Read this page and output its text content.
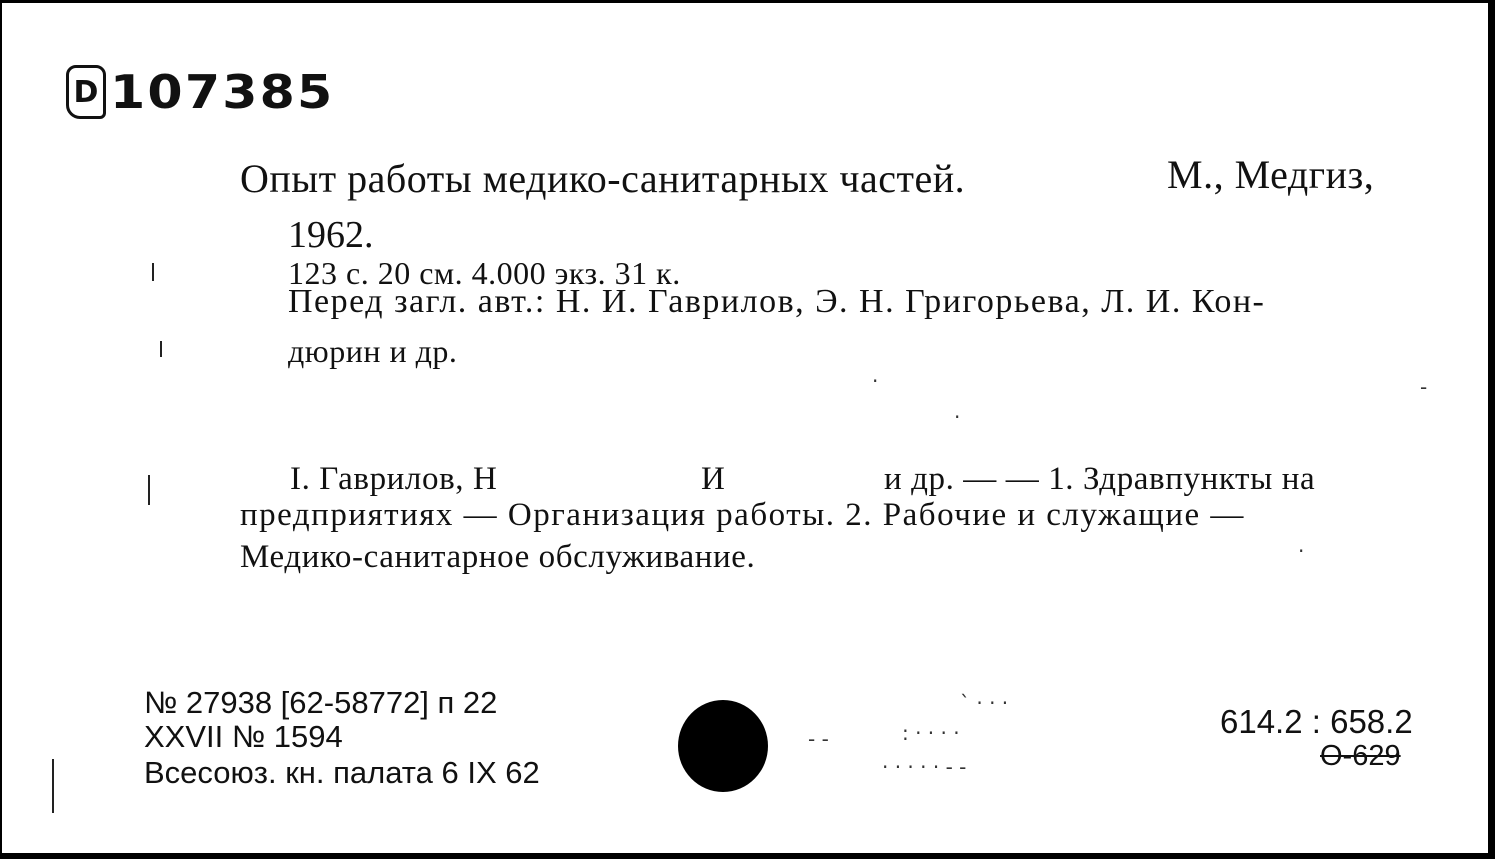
D 107385
Опыт работы медико-санитарных частей.	М., Медгиз,
1962.
123 с. 20 см. 4.000 экз. 31 к.
Перед загл. авт.: Н. И. Гаврилов, Э. Н. Григорьева, Л. И. Кон-
дюрин и др.
I. Гаврилов, Н	И	и др. — — 1. Здравпункты на
предприятиях — Организация работы. 2. Рабочие и служащие —
Медико-санитарное обслуживание.
№ 27938 [62-58772] п 22
XXVII № 1594
Всесоюз. кн. палата 6 IX 62
614.2 : 658.2
О-629
·	-
·
·
- -	: · · · ·
` · · ·
· · · · · - -
